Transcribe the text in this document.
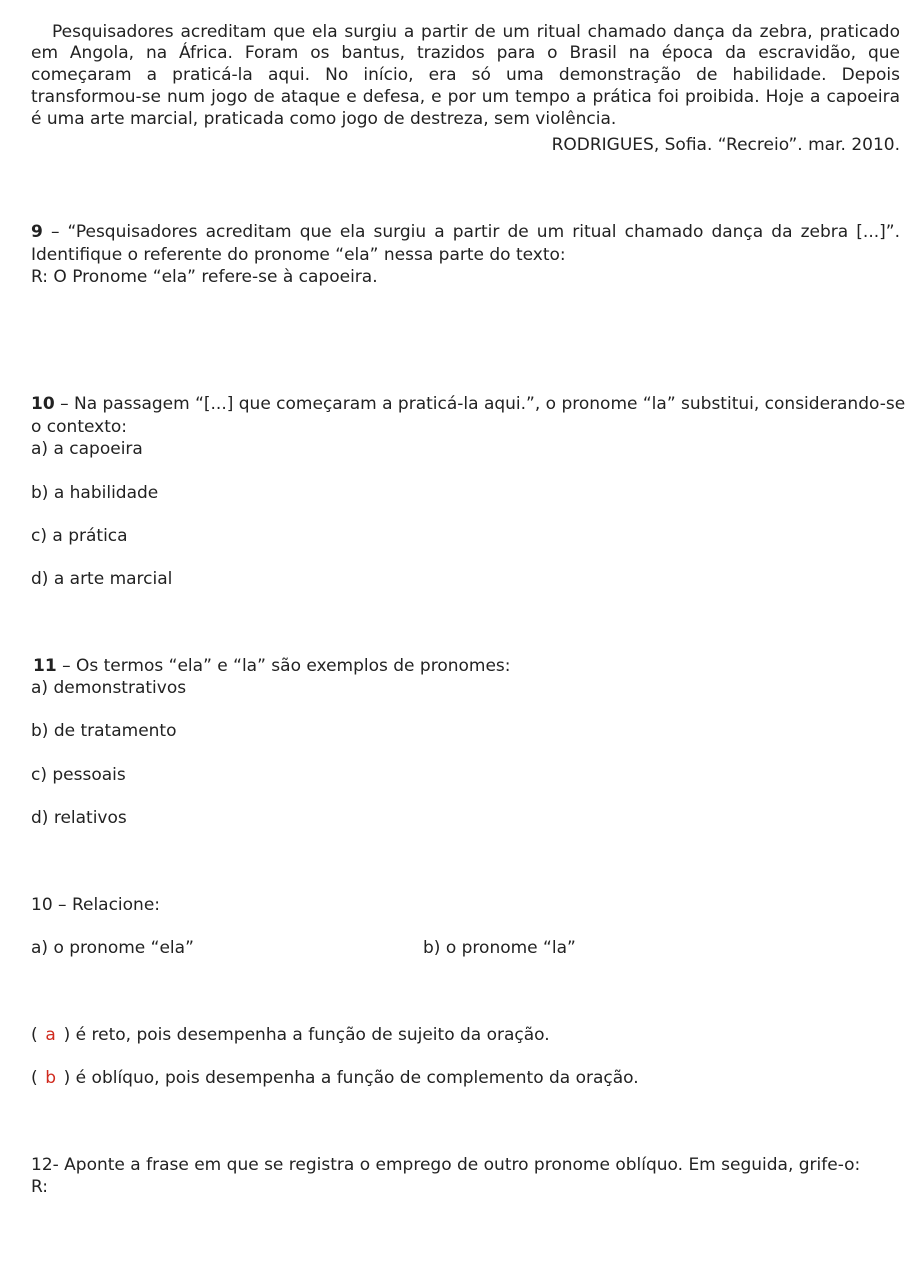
Pesquisadores acreditam que ela surgiu a partir de um ritual chamado dança da zebra, praticado
em Angola, na África. Foram os bantus, trazidos para o Brasil na época da escravidão, que
começaram a praticá-la aqui. No início, era só uma demonstração de habilidade. Depois
transformou-se num jogo de ataque e defesa, e por um tempo a prática foi proibida. Hoje a capoeira
é uma arte marcial, praticada como jogo de destreza, sem violência.
RODRIGUES, Sofia. “Recreio”. mar. 2010.
9 – “Pesquisadores acreditam que ela surgiu a partir de um ritual chamado dança da zebra [...]”.
Identifique o referente do pronome “ela” nessa parte do texto:
R: O Pronome “ela” refere-se à capoeira.
10 – Na passagem “[...] que começaram a praticá-la aqui.”, o pronome “la” substitui, considerando-se
o contexto:
a) a capoeira
b) a habilidade
c) a prática
d) a arte marcial
11 – Os termos “ela” e “la” são exemplos de pronomes:
a) demonstrativos
b) de tratamento
c) pessoais
d) relativos
10 – Relacione:
a) o pronome “ela”	b) o pronome “la”
( a ) é reto, pois desempenha a função de sujeito da oração.
( b ) é oblíquo, pois desempenha a função de complemento da oração.
12- Aponte a frase em que se registra o emprego de outro pronome oblíquo. Em seguida, grife-o:
R:
